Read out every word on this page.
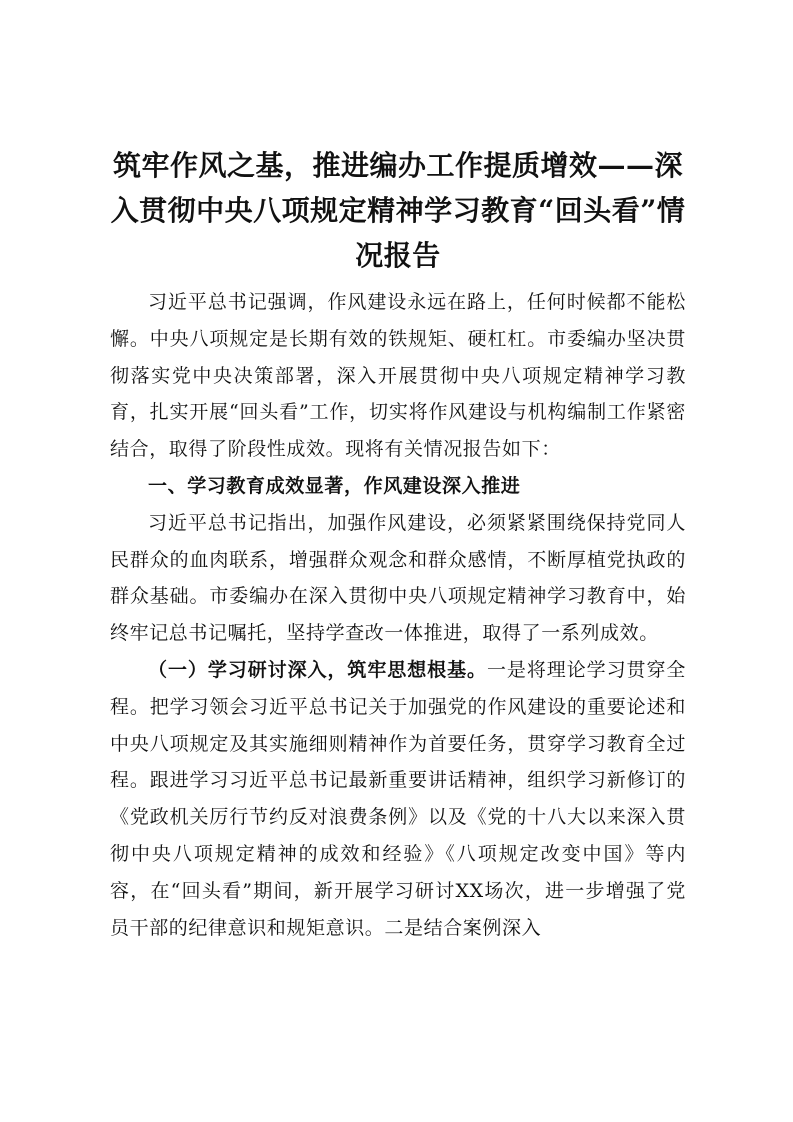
筑牢作风之基，推进编办工作提质增效——深入贯彻中央八项规定精神学习教育“回头看”情况报告

习近平总书记强调，作风建设永远在路上，任何时候都不能松懈。中央八项规定是长期有效的铁规矩、硬杠杠。市委编办坚决贯彻落实党中央决策部署，深入开展贯彻中央八项规定精神学习教育，扎实开展“回头看”工作，切实将作风建设与机构编制工作紧密结合，取得了阶段性成效。现将有关情况报告如下：

一、学习教育成效显著，作风建设深入推进

习近平总书记指出，加强作风建设，必须紧紧围绕保持党同人民群众的血肉联系，增强群众观念和群众感情，不断厚植党执政的群众基础。市委编办在深入贯彻中央八项规定精神学习教育中，始终牢记总书记嘱托，坚持学查改一体推进，取得了一系列成效。

（一）学习研讨深入，筑牢思想根基。一是将理论学习贯穿全程。把学习领会习近平总书记关于加强党的作风建设的重要论述和中央八项规定及其实施细则精神作为首要任务，贯穿学习教育全过程。跟进学习习近平总书记最新重要讲话精神，组织学习新修订的《党政机关厉行节约反对浪费条例》以及《党的十八大以来深入贯彻中央八项规定精神的成效和经验》《八项规定改变中国》等内容，在“回头看”期间，新开展学习研讨XX场次，进一步增强了党员干部的纪律意识和规矩意识。二是结合案例深入
